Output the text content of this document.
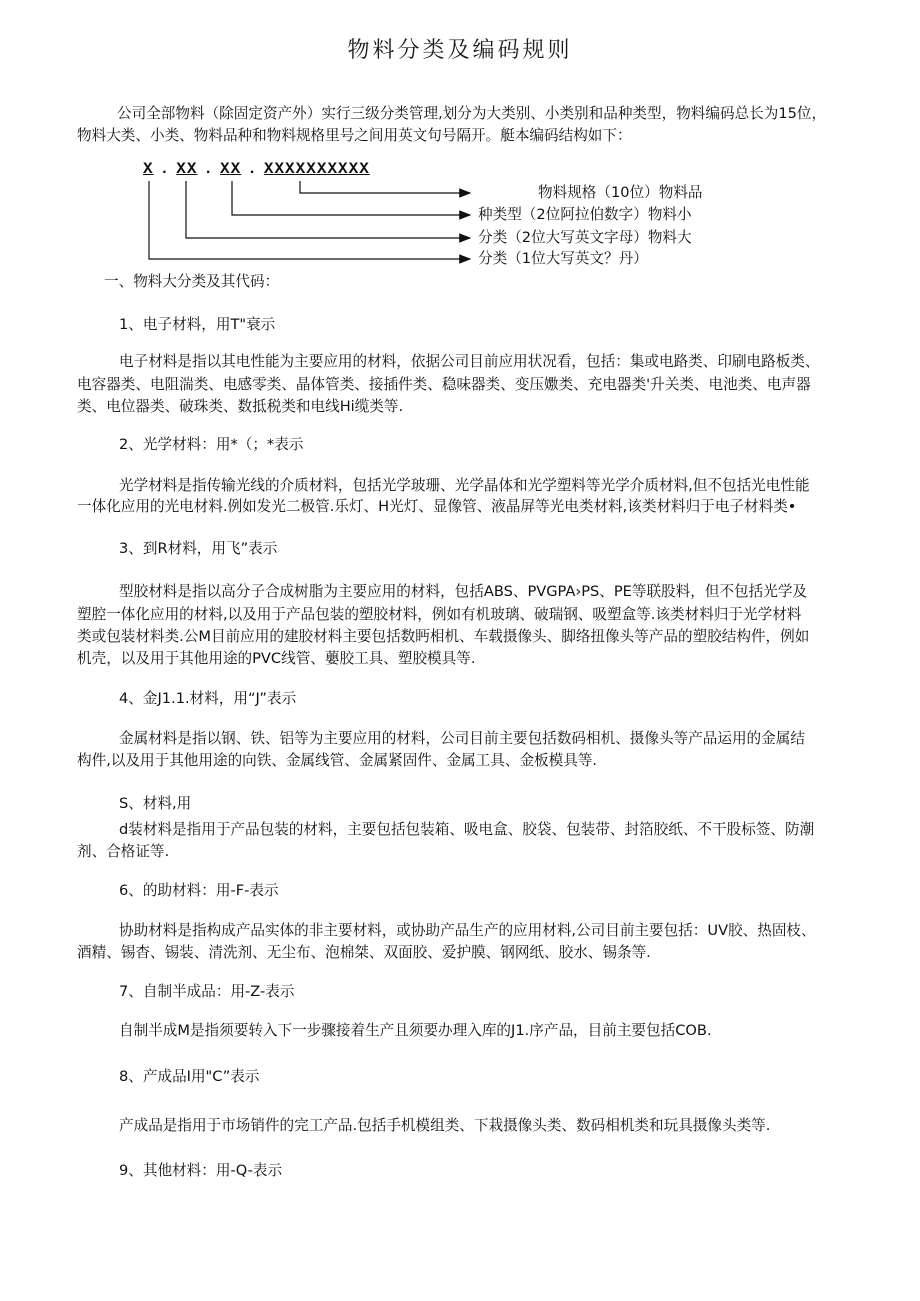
物料分类及编码规则
公司全部物料（除固定资产外）实行三级分类管理,划分为大类别、小类别和品种类型，物料编码总长为15位，
物料大类、小类、物料品种和物料规格里号之间用英文句号隔开。艇本编码结构如下：
X . XX . XX . XXXXXXXXXX
物料规格（10位）物料品
种类型（2位阿拉伯数字）物料小
分类（2位大写英文字母）物料大
分类（1位大写英文？丹）
一、物料大分类及其代码：
1、电子材料，用T"衰示
电子材料是指以其电性能为主要应用的材料，依据公司目前应用状况看，包括：集或电路类、印刷电路板类、
电容器类、电阻湍类、电感零类、晶体管类、接插件类、稳味器类、变压嫐类、充电器类'升关类、电池类、电声器
类、电位器类、破珠类、数抵税类和电线Hi缆类等.
2、光学材料：用*（；*表示
光学材料是指传输光线的介质材料，包括光学玻珊、光学晶体和光学塑料等光学介质材料,但不包括光电性能
一体化应用的光电材料.例如发光二极管.乐灯、H光灯、显像管、液晶屏等光电类材料,该类材料归于电子材料类•
3、到R材料，用飞”表示
型胶材料是指以高分子合成树脂为主要应用的材料，包括ABS、PVGPA›PS、PE等联股料，但不包括光学及
塑腔一体化应用的材料,以及用于产品包装的塑胶材料，例如有机玻璃、破瑞钢、吸塑盒等.该类材料归于光学材料
类或包装材料类.公M目前应用的建胶材料主要包括数眄相机、车载摄像头、脚络扭像头等产品的塑胶结构件，例如
机壳，以及用于其他用途的PVC线管、蘡胶工具、塑胶模具等.
4、金J1.1.材料，用“J”表示
金属材料是指以钢、铁、铝等为主要应用的材料，公司目前主要包括数码相机、摄像头等产品运用的金属结
构件,以及用于其他用途的向铁、金属线管、金属紧固件、金属工具、金板模具等.
S、材料,用
d装材料是指用于产品包装的材料，主要包括包装箱、吸电盒、胶袋、包装带、封箔胶纸、不干股标签、防潮
剂、合格证等.
6、的助材料：用-F-表示
协助材料是指构成产品实体的非主要材料，或协助产品生产的应用材料,公司目前主要包括：UV胶、热固枝、
酒精、锡杳、锡装、清洗剂、无尘布、泡棉桀、双面胶、爱护膜、钢网纸、胶水、锡条等.
7、自制半成品：用-Z-表示
自制半成M是指须要转入下一步骤接着生产且须要办理入库的J1.序产品，目前主要包括COB.
8、产成品I用"C”表示
产成品是指用于市场销件的完工产品.包括手机模组类、下栽摄像头类、数码相机类和玩具摄像头类等.
9、其他材料：用-Q-表示
